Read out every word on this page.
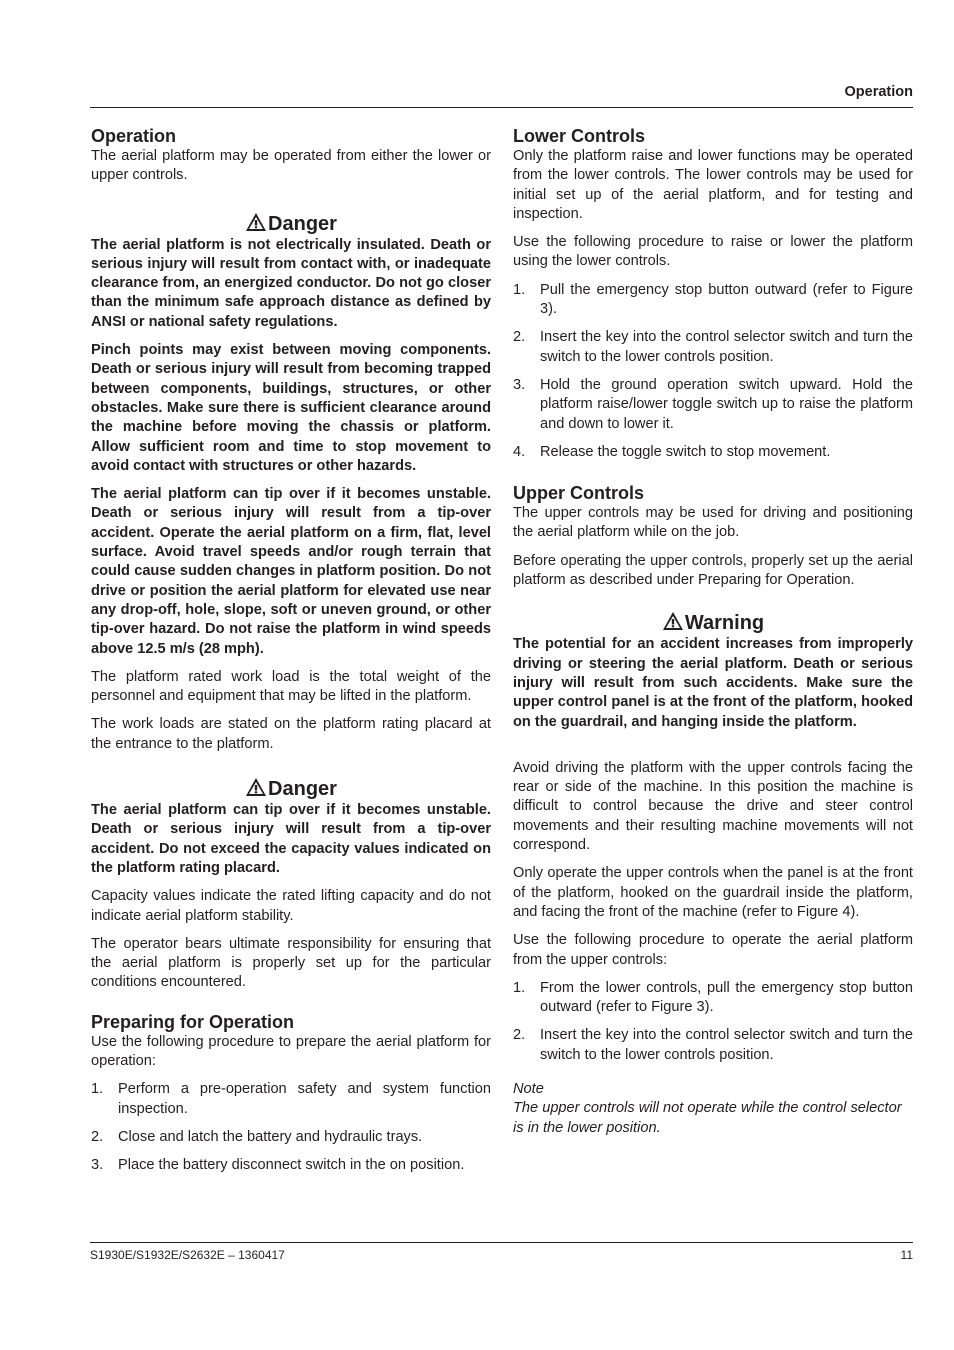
Operation
Operation

The aerial platform may be operated from either the lower or upper controls.

Danger

The aerial platform is not electrically insulated. Death or serious injury will result from contact with, or inadequate clearance from, an energized conductor. Do not go closer than the minimum safe approach distance as defined by ANSI or national safety regulations.

Pinch points may exist between moving components. Death or serious injury will result from becoming trapped between components, buildings, structures, or other obstacles. Make sure there is sufficient clearance around the machine before moving the chassis or platform. Allow sufficient room and time to stop movement to avoid contact with structures or other hazards.

The aerial platform can tip over if it becomes unstable. Death or serious injury will result from a tip-over accident. Operate the aerial platform on a firm, flat, level surface. Avoid travel speeds and/or rough terrain that could cause sudden changes in platform position. Do not drive or position the aerial platform for elevated use near any drop-off, hole, slope, soft or uneven ground, or other tip-over hazard. Do not raise the platform in wind speeds above 12.5 m/s (28 mph).

The platform rated work load is the total weight of the personnel and equipment that may be lifted in the platform.

The work loads are stated on the platform rating placard at the entrance to the platform.

Danger

The aerial platform can tip over if it becomes unstable. Death or serious injury will result from a tip-over accident. Do not exceed the capacity values indicated on the platform rating placard.

Capacity values indicate the rated lifting capacity and do not indicate aerial platform stability.

The operator bears ultimate responsibility for ensuring that the aerial platform is properly set up for the particular conditions encountered.

Preparing for Operation

Use the following procedure to prepare the aerial platform for operation:

1. Perform a pre-operation safety and system function inspection.
2. Close and latch the battery and hydraulic trays.
3. Place the battery disconnect switch in the on position.
Lower Controls

Only the platform raise and lower functions may be operated from the lower controls. The lower controls may be used for initial set up of the aerial platform, and for testing and inspection.

Use the following procedure to raise or lower the platform using the lower controls.

1. Pull the emergency stop button outward (refer to Figure 3).
2. Insert the key into the control selector switch and turn the switch to the lower controls position.
3. Hold the ground operation switch upward. Hold the platform raise/lower toggle switch up to raise the platform and down to lower it.
4. Release the toggle switch to stop movement.
Upper Controls

The upper controls may be used for driving and positioning the aerial platform while on the job.

Before operating the upper controls, properly set up the aerial platform as described under Preparing for Operation.

Warning

The potential for an accident increases from improperly driving or steering the aerial platform. Death or serious injury will result from such accidents. Make sure the upper control panel is at the front of the platform, hooked on the guardrail, and hanging inside the platform.

Avoid driving the platform with the upper controls facing the rear or side of the machine. In this position the machine is difficult to control because the drive and steer control movements and their resulting machine movements will not correspond.

Only operate the upper controls when the panel is at the front of the platform, hooked on the guardrail inside the platform, and facing the front of the machine (refer to Figure 4).

Use the following procedure to operate the aerial platform from the upper controls:

1. From the lower controls, pull the emergency stop button outward (refer to Figure 3).
2. Insert the key into the control selector switch and turn the switch to the lower controls position.

Note

The upper controls will not operate while the control selector is in the lower position.

S1930E/S1932E/S2632E – 1360417	11
